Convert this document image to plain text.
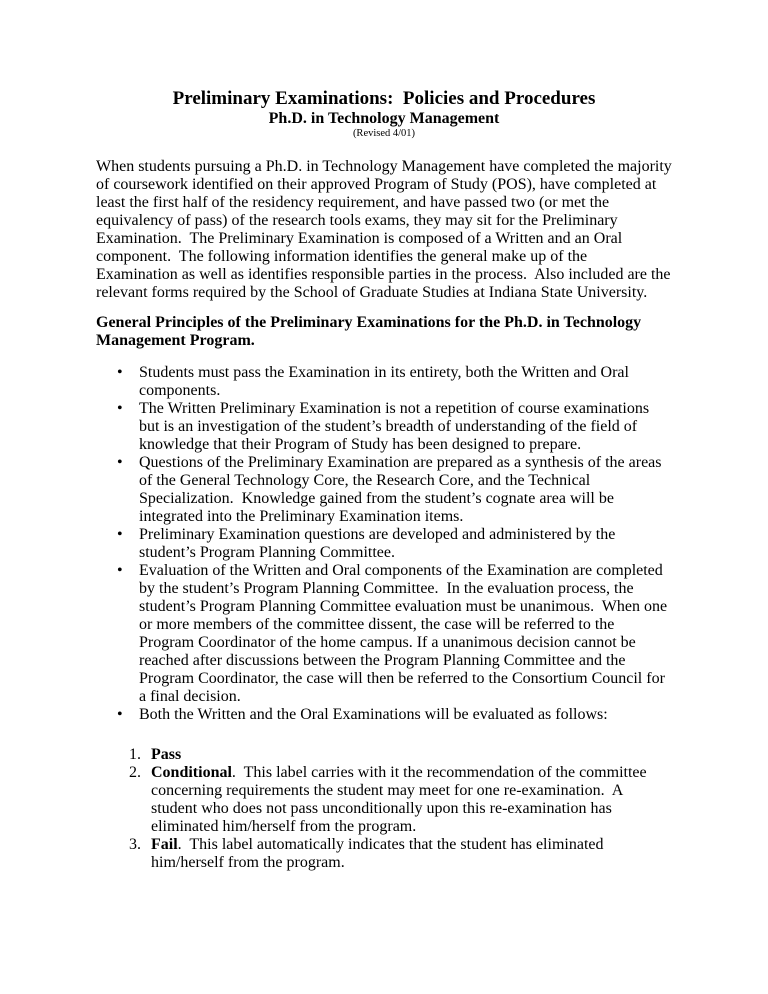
Preliminary Examinations:  Policies and Procedures
Ph.D. in Technology Management
(Revised 4/01)
When students pursuing a Ph.D. in Technology Management have completed the majority of coursework identified on their approved Program of Study (POS), have completed at least the first half of the residency requirement, and have passed two (or met the equivalency of pass) of the research tools exams, they may sit for the Preliminary Examination.  The Preliminary Examination is composed of a Written and an Oral component.  The following information identifies the general make up of the Examination as well as identifies responsible parties in the process.  Also included are the relevant forms required by the School of Graduate Studies at Indiana State University.
General Principles of the Preliminary Examinations for the Ph.D. in Technology Management Program.
• Students must pass the Examination in its entirety, both the Written and Oral components.
• The Written Preliminary Examination is not a repetition of course examinations but is an investigation of the student’s breadth of understanding of the field of knowledge that their Program of Study has been designed to prepare.
• Questions of the Preliminary Examination are prepared as a synthesis of the areas of the General Technology Core, the Research Core, and the Technical Specialization.  Knowledge gained from the student’s cognate area will be integrated into the Preliminary Examination items.
• Preliminary Examination questions are developed and administered by the student’s Program Planning Committee.
• Evaluation of the Written and Oral components of the Examination are completed by the student’s Program Planning Committee.  In the evaluation process, the student’s Program Planning Committee evaluation must be unanimous.  When one or more members of the committee dissent, the case will be referred to the Program Coordinator of the home campus. If a unanimous decision cannot be reached after discussions between the Program Planning Committee and the Program Coordinator, the case will then be referred to the Consortium Council for a final decision.
• Both the Written and the Oral Examinations will be evaluated as follows:
1. Pass
2. Conditional.  This label carries with it the recommendation of the committee concerning requirements the student may meet for one re-examination.  A student who does not pass unconditionally upon this re-examination has eliminated him/herself from the program.
3. Fail.  This label automatically indicates that the student has eliminated him/herself from the program.
